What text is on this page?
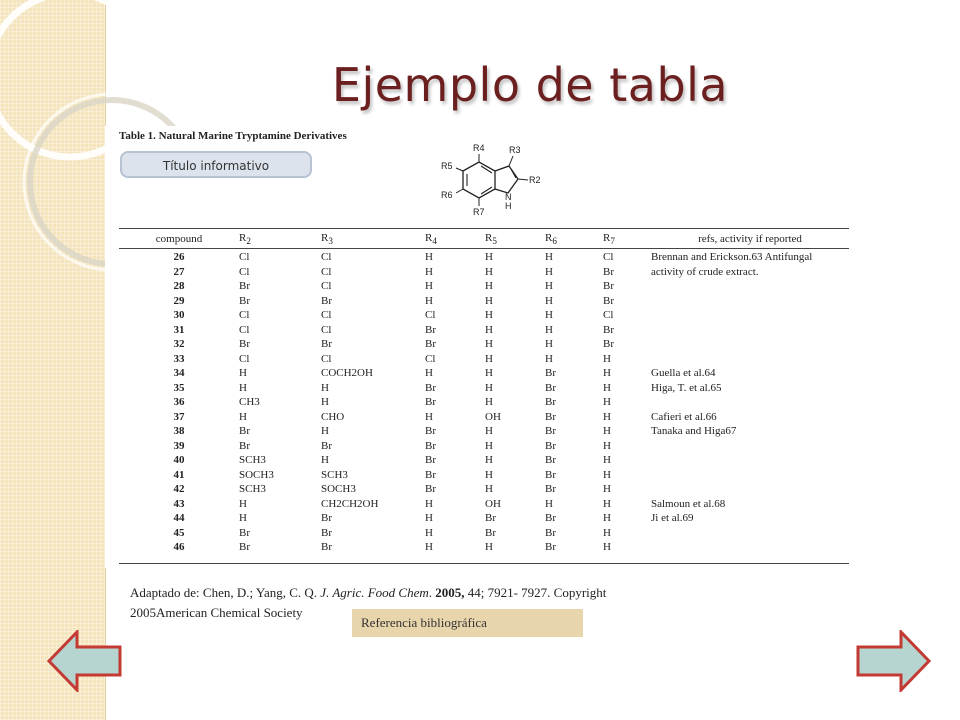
Ejemplo de tabla
Table 1. Natural Marine Tryptamine Derivatives
R4	R3
R2
R5
R6
R7
N
H
compound	$R_2$	$R_3$	$R_4$	$R_5$	$R_6$	$R_7$	refs, activity if reported
26	Cl	Cl	H	H	H	Cl	Brennan and Erickson.63 Antifungal
27	Cl	Cl	H	H	H	Br	activity of crude extract.
28	Br	Cl	H	H	H	Br	
29	Br	Br	H	H	H	Br	
30	Cl	Cl	Cl	H	H	Cl	
31	Cl	Cl	Br	H	H	Br	
32	Br	Br	Br	H	H	Br	
33	Cl	Cl	Cl	H	H	H	
34	H	COCH2OH	H	H	Br	H	Guella et al.64
35	H	H	Br	H	Br	H	Higa, T. et al.65
36	CH3	H	Br	H	Br	H	
37	H	CHO	H	OH	Br	H	Cafieri et al.66
38	Br	H	Br	H	Br	H	Tanaka and Higa67
39	Br	Br	Br	H	Br	H	
40	SCH3	H	Br	H	Br	H	
41	SOCH3	SCH3	Br	H	Br	H	
42	SCH3	SOCH3	Br	H	Br	H	
43	H	CH2CH2OH	H	OH	H	H	Salmoun et al.68
44	H	Br	H	Br	Br	H	Ji et al.69
45	Br	Br	H	Br	Br	H	
46	Br	Br	H	H	Br	H	
Título informativo
Adaptado de: Chen, D.; Yang, C. Q. J. Agric. Food Chem. 2005, 44; 7921- 7927. Copyright
2005American Chemical Society
Referencia bibliográfica
